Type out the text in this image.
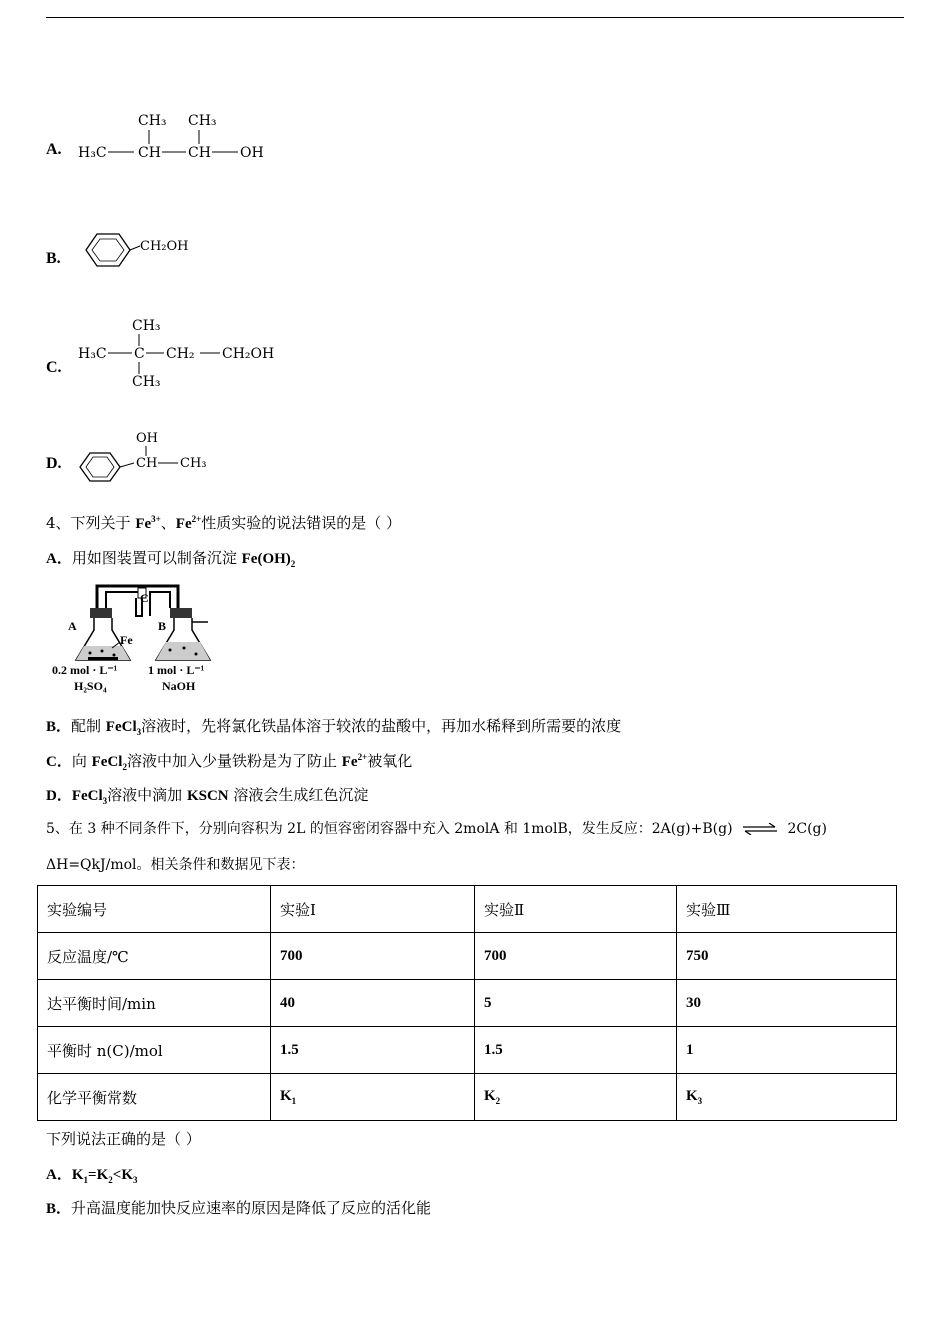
A.
CH₃ CH₃
H₃C CH CH OH
B.
CH₂OH
C.
CH₃
H₃C C CH₂ CH₂OH
CH₃
D.
OH
CH CH₃
4、下列关于 $Fe^{3+}$、$Fe^{2+}$性质实验的说法错误的是（ ）
A．用如图装置可以制备沉淀 $Fe(OH)_2$
C
A
Fe
B
0.2 mol · L⁻¹
H₂SO₄
1 mol · L⁻¹
NaOH
B．配制 FeCl$_3$溶液时，先将氯化铁晶体溶于较浓的盐酸中，再加水稀释到所需要的浓度
C．向 FeCl$_2$溶液中加入少量铁粉是为了防止 $Fe^{2+}$被氧化
D．FeCl$_3$溶液中滴加 KSCN 溶液会生成红色沉淀
5、在 3 种不同条件下，分别向容积为 2L 的恒容密闭容器中充入 2molA 和 1molB，发生反应：2A(g)+B(g) ⇌ 2C(g)
ΔH=QkJ/mol。相关条件和数据见下表：
实验编号	实验Ⅰ	实验Ⅱ	实验Ⅲ
反应温度/℃	700	700	750
达平衡时间/min	40	5	30
平衡时 n(C)/mol	1.5	1.5	1
化学平衡常数	$K_1$	$K_2$	$K_3$
下列说法正确的是（ ）
A．$K_1=K_2<K_3$
B．升高温度能加快反应速率的原因是降低了反应的活化能
